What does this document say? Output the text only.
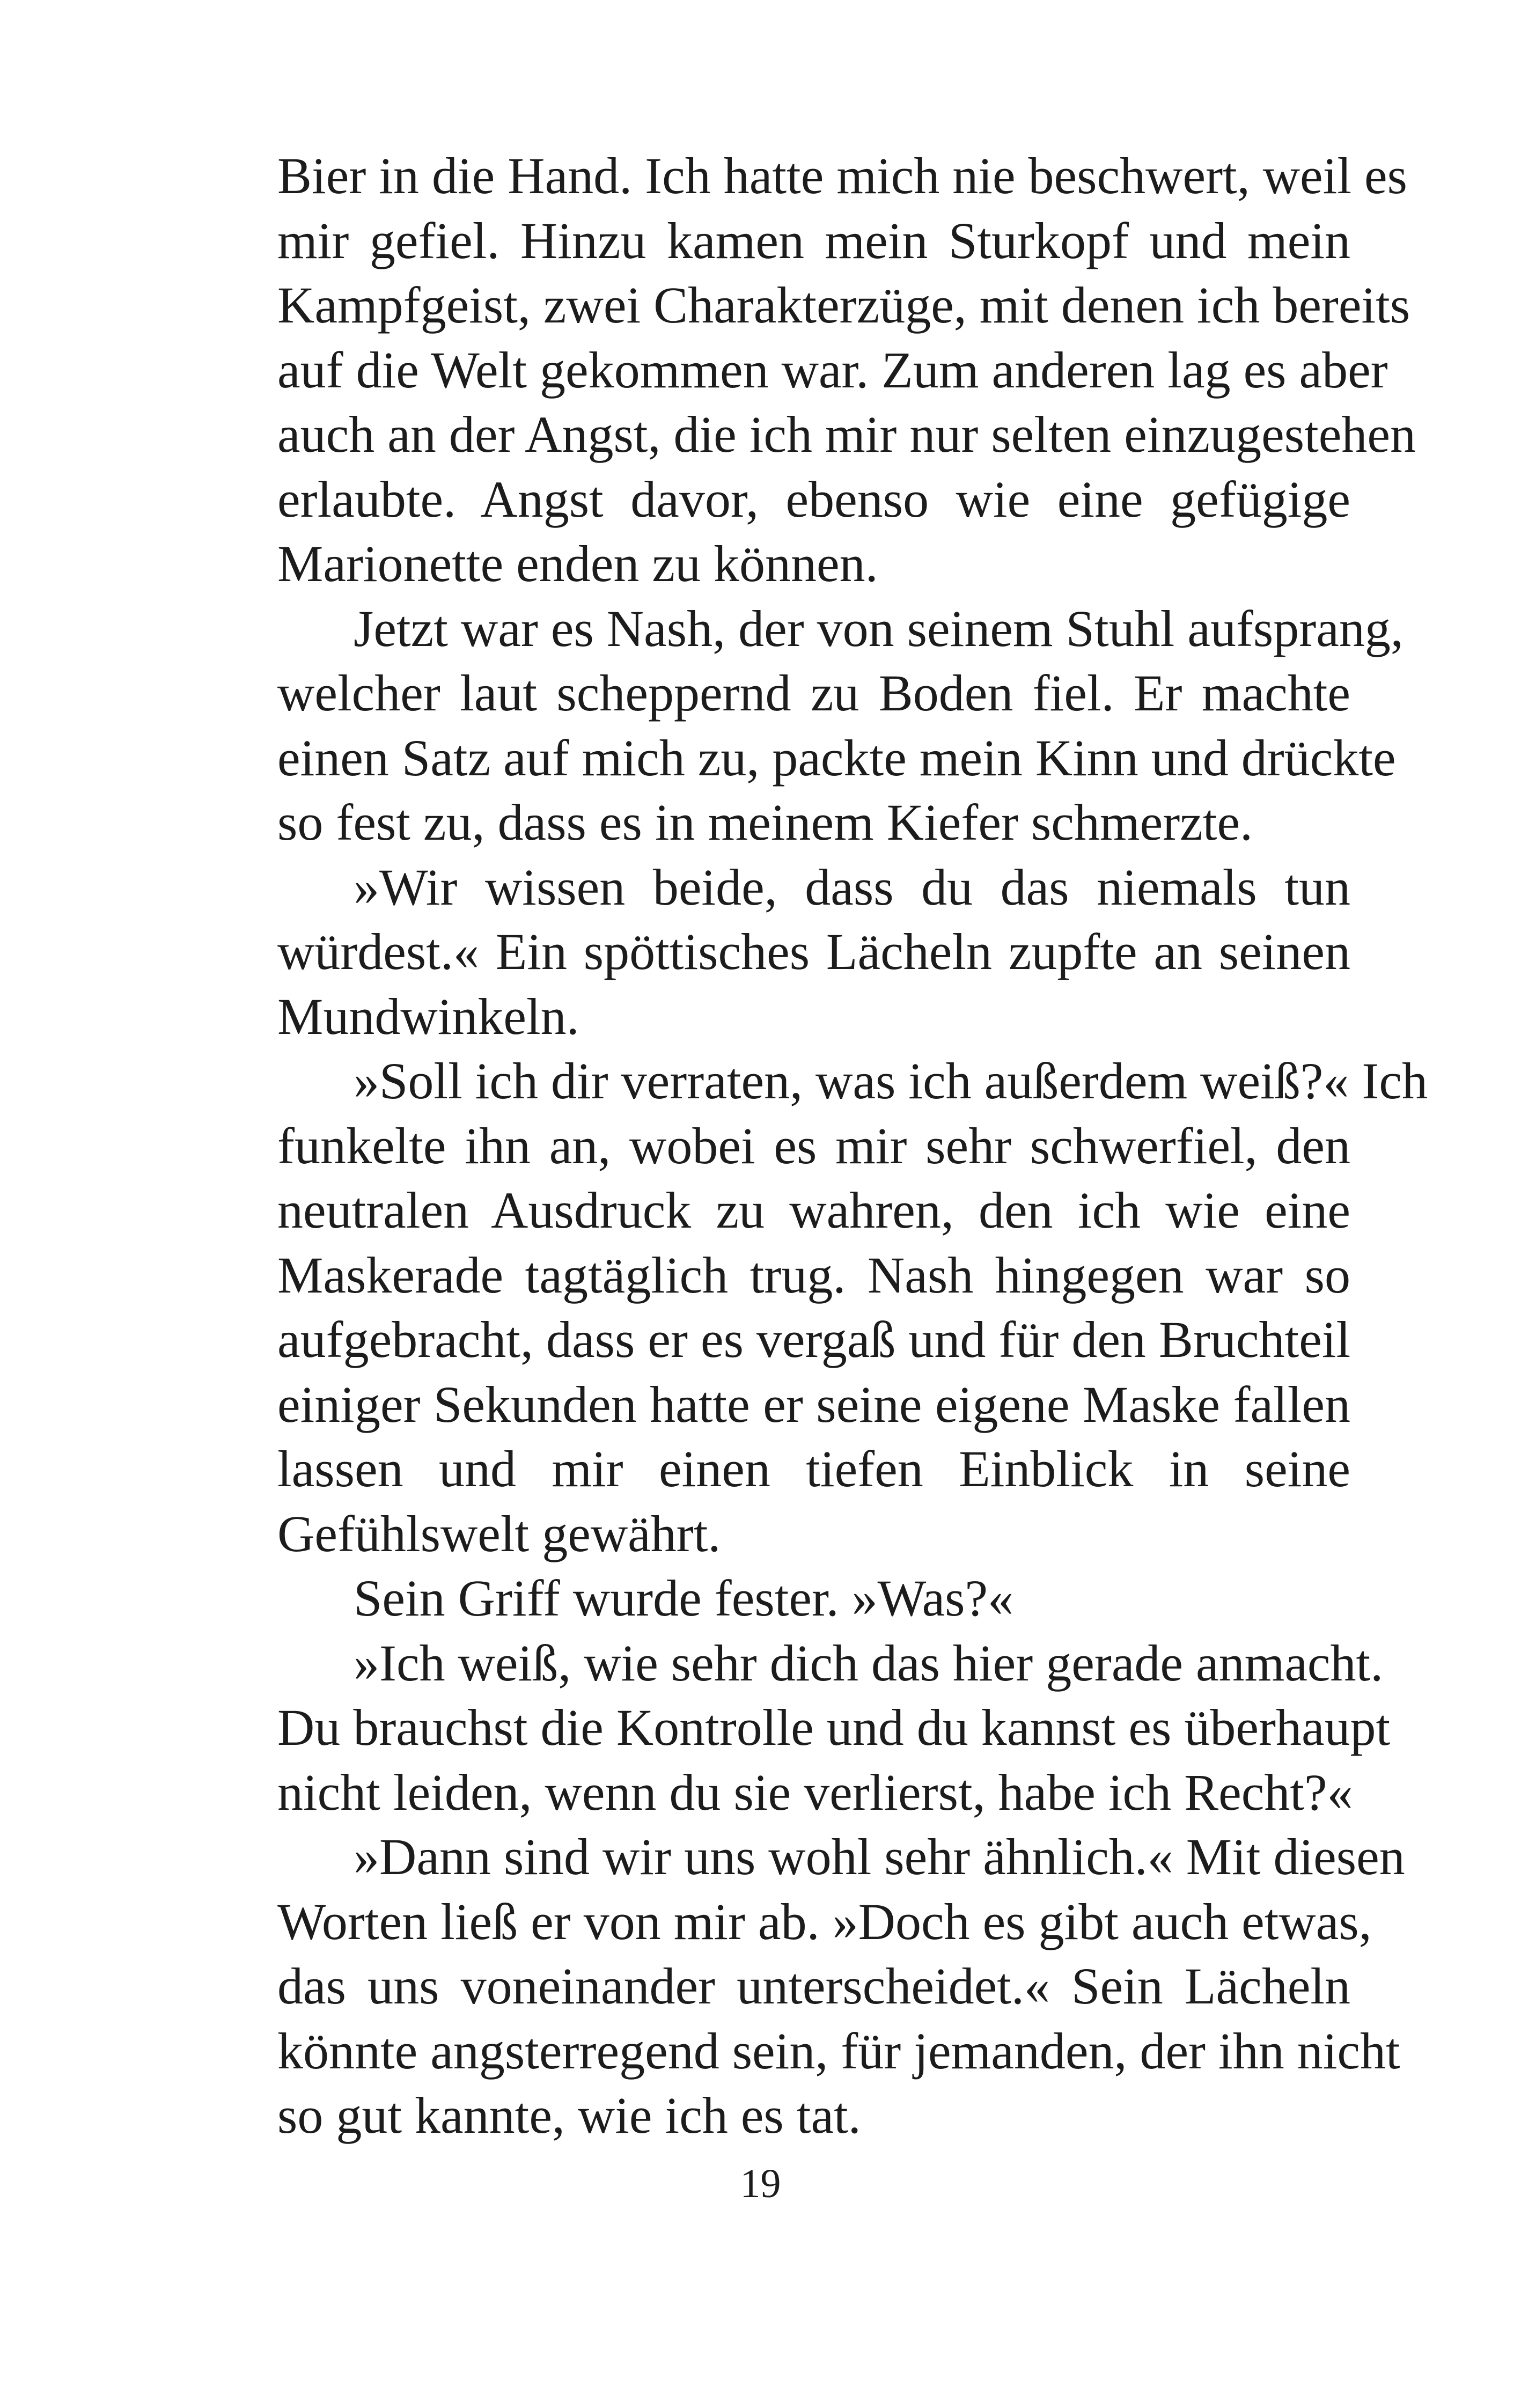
Bier in die Hand. Ich hatte mich nie beschwert, weil es
mir gefiel. Hinzu kamen mein Sturkopf und mein
Kampfgeist, zwei Charakterzüge, mit denen ich bereits
auf die Welt gekommen war. Zum anderen lag es aber
auch an der Angst, die ich mir nur selten einzugestehen
erlaubte. Angst davor, ebenso wie eine gefügige
Marionette enden zu können.

Jetzt war es Nash, der von seinem Stuhl aufsprang,
welcher laut scheppernd zu Boden fiel. Er machte
einen Satz auf mich zu, packte mein Kinn und drückte
so fest zu, dass es in meinem Kiefer schmerzte.

»Wir wissen beide, dass du das niemals tun
würdest.« Ein spöttisches Lächeln zupfte an seinen
Mundwinkeln.

»Soll ich dir verraten, was ich außerdem weiß?« Ich
funkelte ihn an, wobei es mir sehr schwerfiel, den
neutralen Ausdruck zu wahren, den ich wie eine
Maskerade tagtäglich trug. Nash hingegen war so
aufgebracht, dass er es vergaß und für den Bruchteil
einiger Sekunden hatte er seine eigene Maske fallen
lassen und mir einen tiefen Einblick in seine
Gefühlswelt gewährt.

Sein Griff wurde fester. »Was?«

»Ich weiß, wie sehr dich das hier gerade anmacht.
Du brauchst die Kontrolle und du kannst es überhaupt
nicht leiden, wenn du sie verlierst, habe ich Recht?«

»Dann sind wir uns wohl sehr ähnlich.« Mit diesen
Worten ließ er von mir ab. »Doch es gibt auch etwas,
das uns voneinander unterscheidet.« Sein Lächeln
könnte angsterregend sein, für jemanden, der ihn nicht
so gut kannte, wie ich es tat.

19
